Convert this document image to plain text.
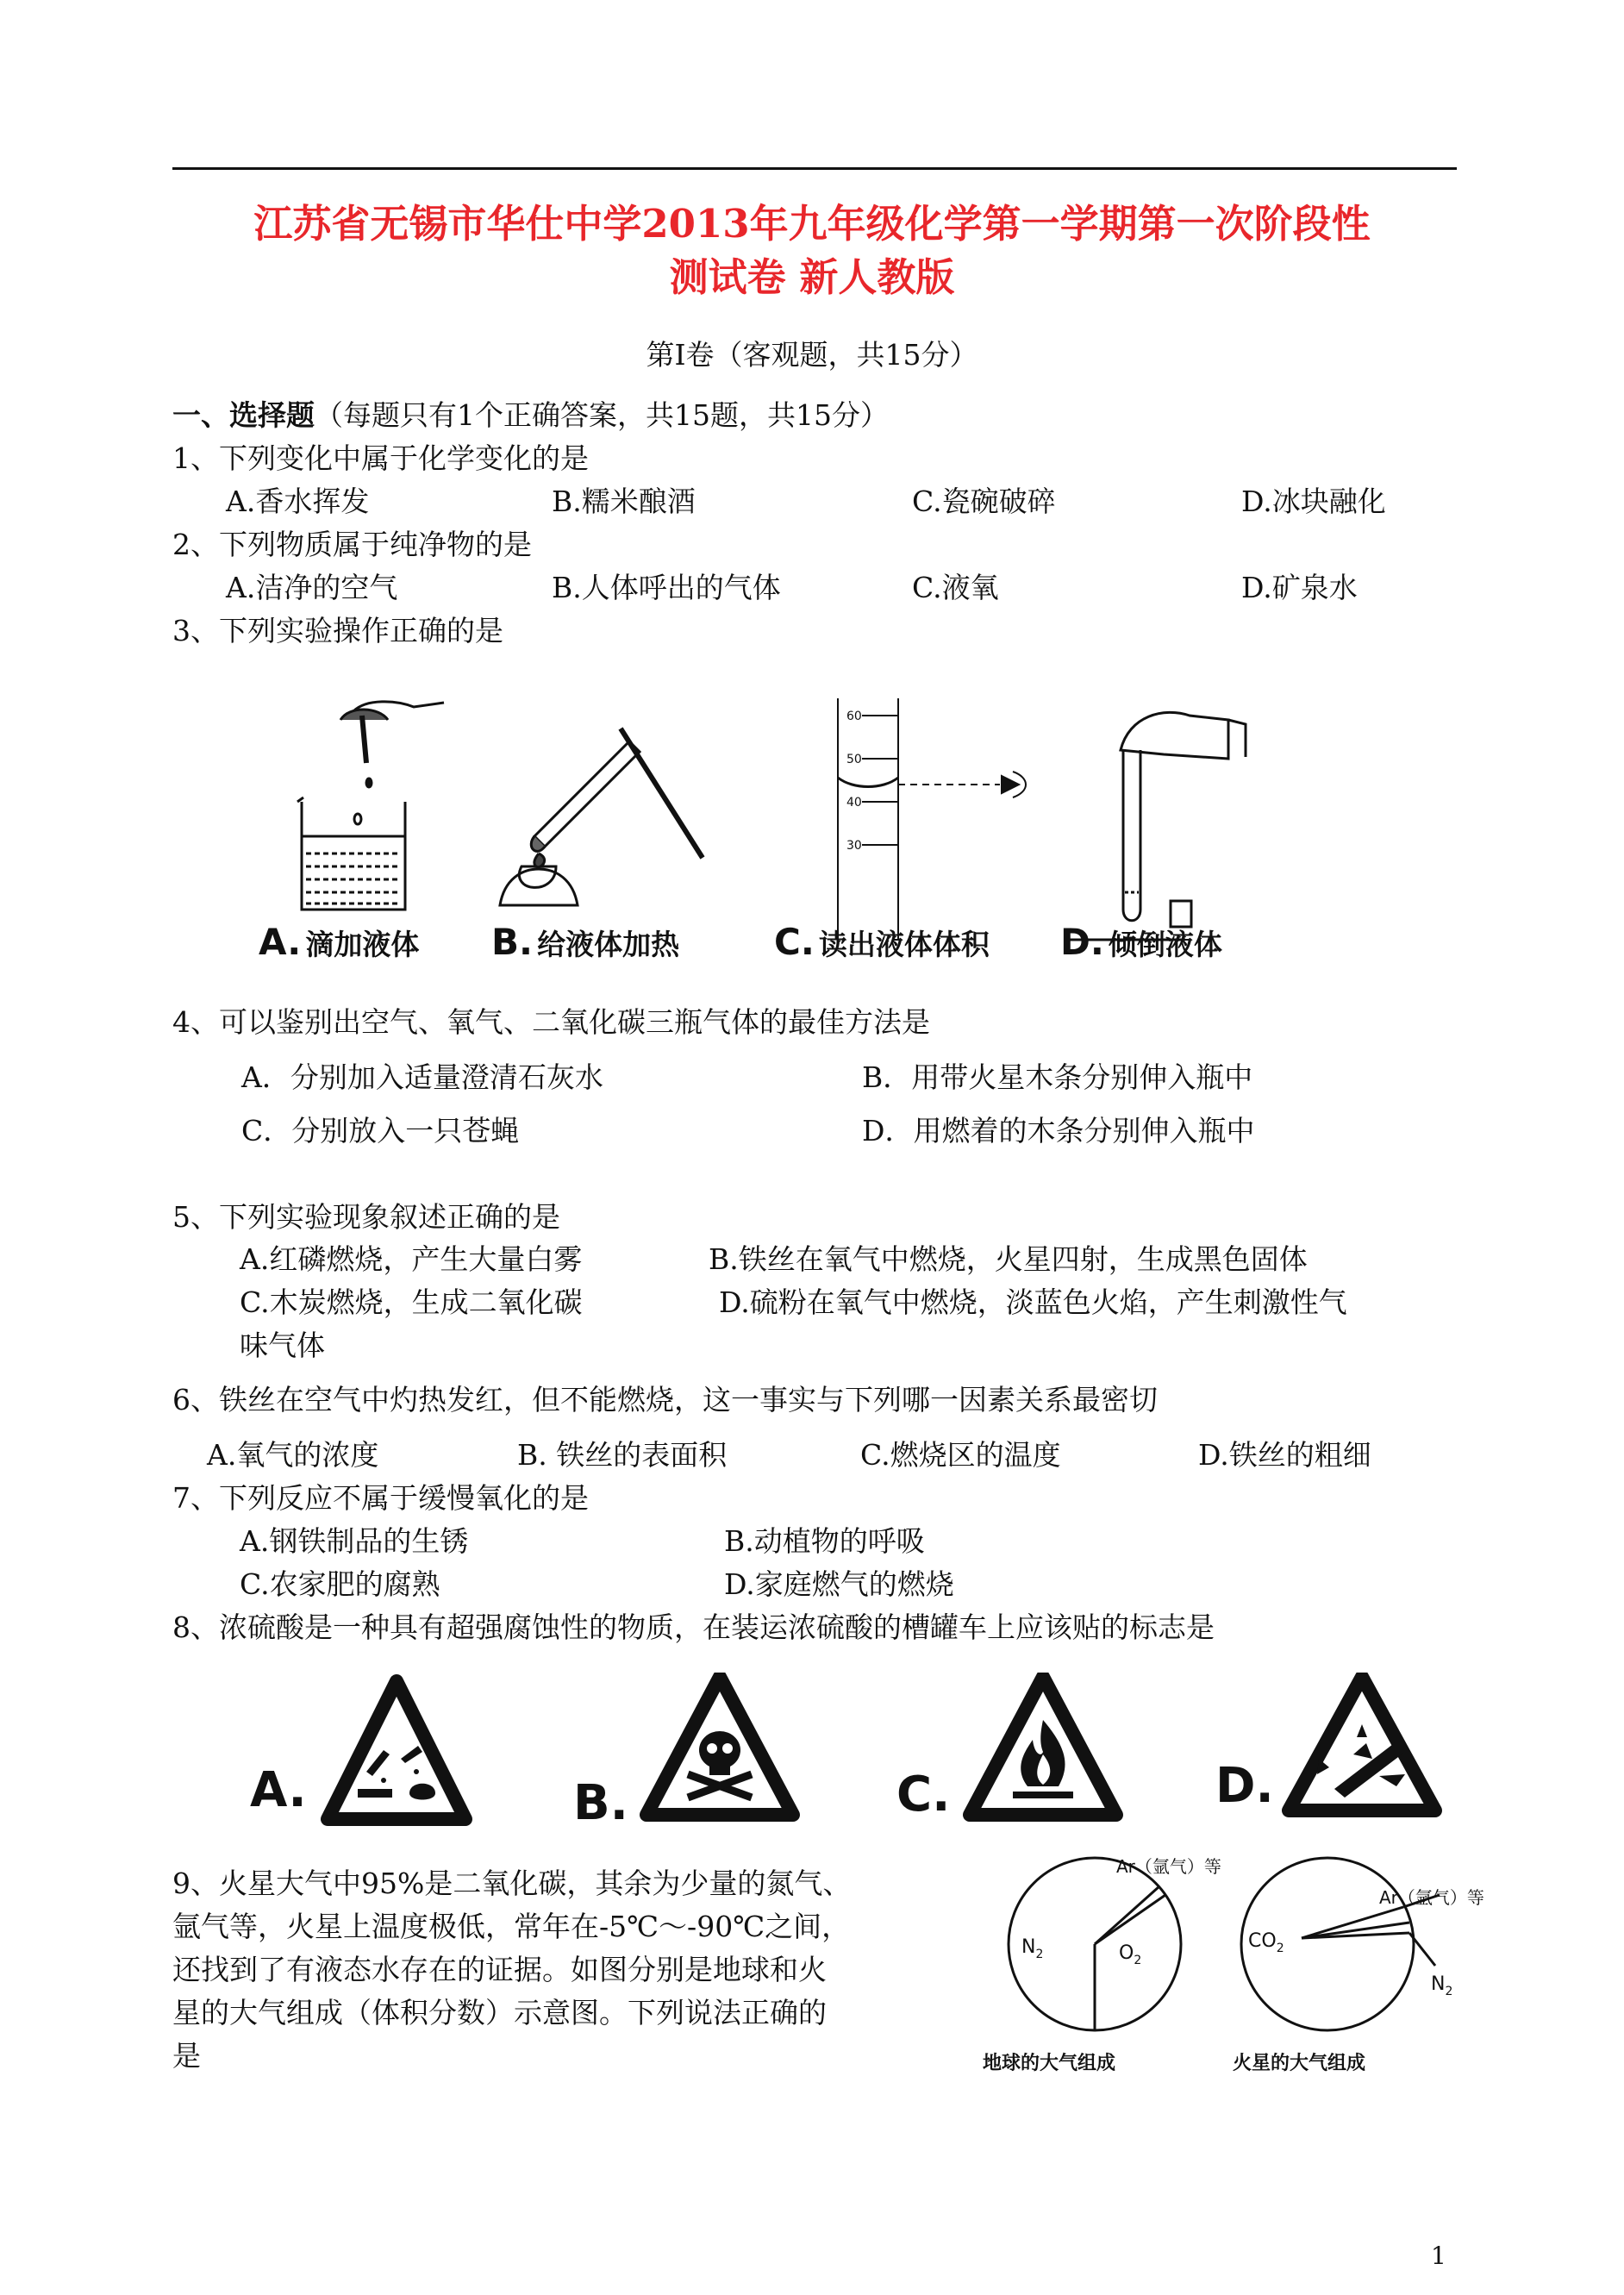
江苏省无锡市华仕中学2013年九年级化学第一学期第一次阶段性
测试卷 新人教版
第Ⅰ卷（客观题，共15分）
一、选择题（每题只有1个正确答案，共15题，共15分）
1、下列变化中属于化学变化的是
A.香水挥发	B.糯米酿酒	C.瓷碗破碎	D.冰块融化
2、下列物质属于纯净物的是
A.洁净的空气	B.人体呼出的气体	C.液氧	D.矿泉水
3、下列实验操作正确的是
60
50
40
30
A. 滴加液体 B. 给液体加热	C. 读出液体体积 D. 倾倒液体
4、可以鉴别出空气、氧气、二氧化碳三瓶气体的最佳方法是
A．分别加入适量澄清石灰水	B．用带火星木条分别伸入瓶中
C．分别放入一只苍蝇	D．用燃着的木条分别伸入瓶中
5、下列实验现象叙述正确的是
A.红磷燃烧，产生大量白雾	B.铁丝在氧气中燃烧，火星四射，生成黑色固体
C.木炭燃烧，生成二氧化碳	D.硫粉在氧气中燃烧，淡蓝色火焰，产生刺激性气
味气体
6、铁丝在空气中灼热发红，但不能燃烧，这一事实与下列哪一因素关系最密切
A.氧气的浓度	B. 铁丝的表面积	C.燃烧区的温度	D.铁丝的粗细
7、下列反应不属于缓慢氧化的是
A.钢铁制品的生锈	B.动植物的呼吸
C.农家肥的腐熟	D.家庭燃气的燃烧
8、浓硫酸是一种具有超强腐蚀性的物质，在装运浓硫酸的槽罐车上应该贴的标志是
A.	B.	C.	D.
9、火星大气中95%是二氧化碳，其余为少量的氮气、
氩气等，火星上温度极低，常年在-5℃～-90℃之间，
还找到了有液态水存在的证据。如图分别是地球和火
星的大气组成（体积分数）示意图。下列说法正确的
是
$N_2$	$O_2$
Ar（氩气）等
地球的大气组成
$CO_2$
Ar（氩气）等
$N_2$
火星的大气组成
1
